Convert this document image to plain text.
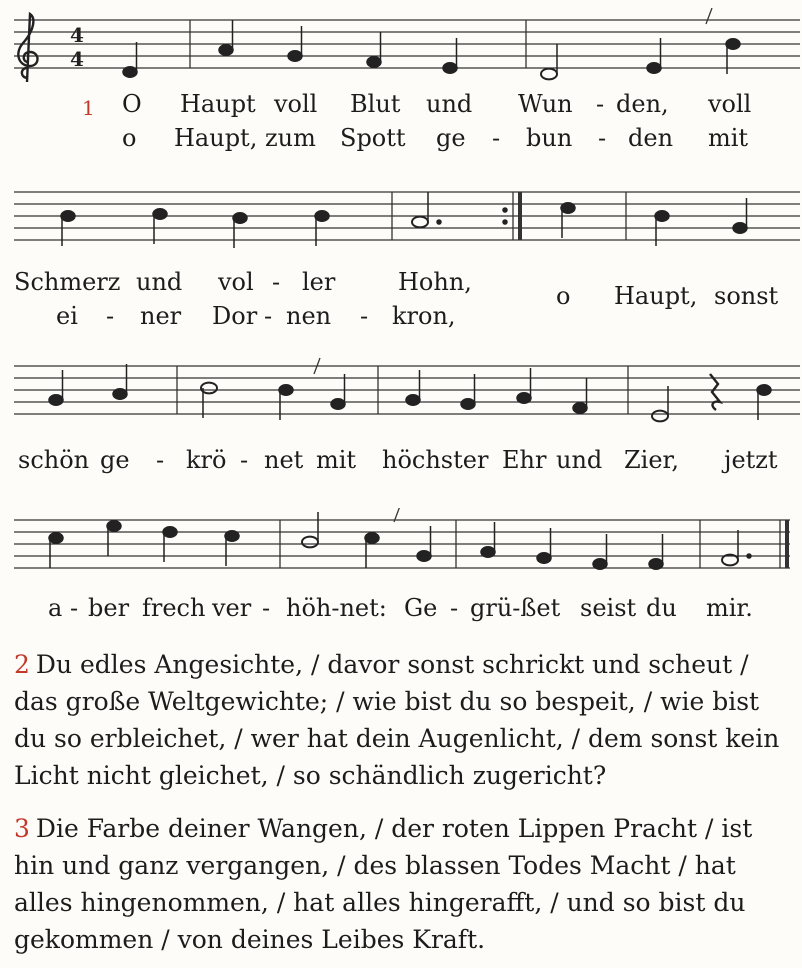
4
4
1 O Haupt voll Blut und Wun - den, voll
o Haupt, zum Spott ge - bun - den mit
Schmerz und vol - ler	Hohn,	o Haupt, sonst
ei - ner Dor - nen - kron,
schön ge - krö - net mit höchster Ehr und Zier, jetzt
a - ber frech ver - höh-net: Ge - grü-ßet seist du mir.
2 Du edles Angesichte, / davor sonst schrickt und scheut /
das große Weltgewichte; / wie bist du so bespeit, / wie bist
du so erbleichet, / wer hat dein Augenlicht, / dem sonst kein
Licht nicht gleichet, / so schändlich zugericht?
3 Die Farbe deiner Wangen, / der roten Lippen Pracht / ist
hin und ganz vergangen, / des blassen Todes Macht / hat
alles hingenommen, / hat alles hingerafft, / und so bist du
gekommen / von deines Leibes Kraft.
